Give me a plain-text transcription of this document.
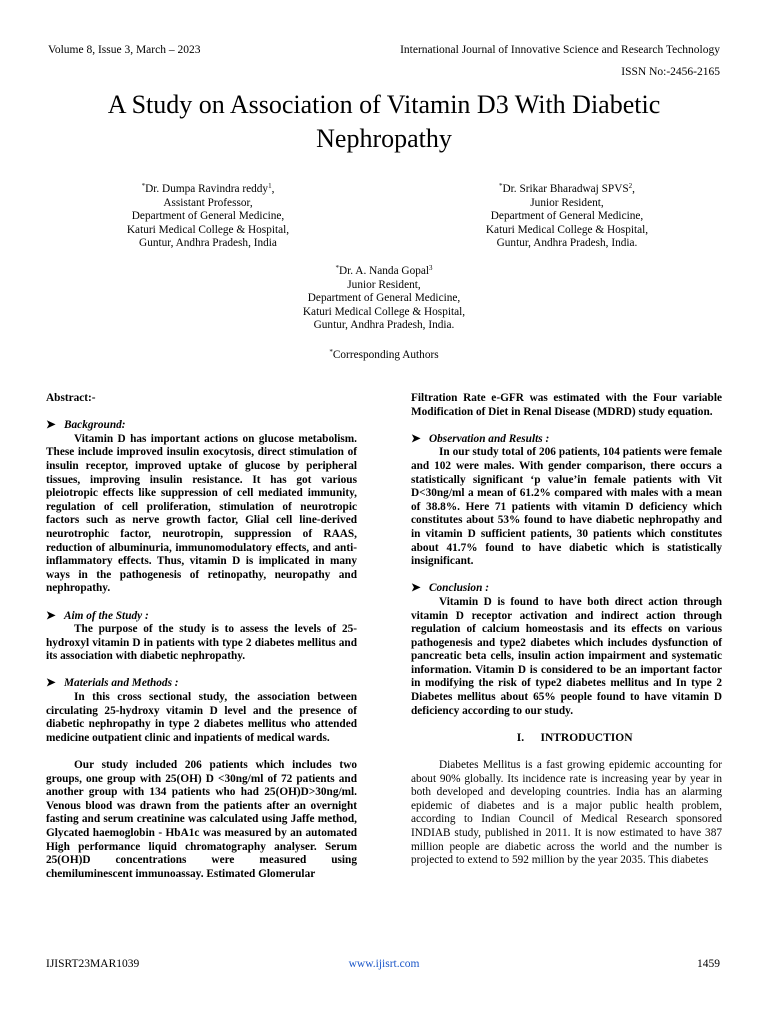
Volume 8, Issue 3, March – 2023	International Journal of Innovative Science and Research Technology
ISSN No:-2456-2165
A Study on Association of Vitamin D3 With Diabetic
Nephropathy
*Dr. Dumpa Ravindra reddy$^1$,
Assistant Professor,
Department of General Medicine,
Katuri Medical College & Hospital,
Guntur, Andhra Pradesh, India
*Dr. Srikar Bharadwaj SPVS$^2$,
Junior Resident,
Department of General Medicine,
Katuri Medical College & Hospital,
Guntur, Andhra Pradesh, India.
*Dr. A. Nanda Gopal$^3$
Junior Resident,
Department of General Medicine,
Katuri Medical College & Hospital,
Guntur, Andhra Pradesh, India.
*Corresponding Authors

Abstract:-

➤ Background:

Vitamin D has important actions on glucose metabolism. These include improved insulin exocytosis, direct stimulation of insulin receptor, improved uptake of glucose by peripheral tissues, improving insulin resistance. It has got various pleiotropic effects like suppression of cell mediated immunity, regulation of cell proliferation, stimulation of neurotropic factors such as nerve growth factor, Glial cell line-derived neurotrophic factor, neurotropin, suppression of RAAS, reduction of albuminuria, immunomodulatory effects, and anti-inflammatory effects. Thus, vitamin D is implicated in many ways in the pathogenesis of retinopathy, neuropathy and nephropathy.

➤ Aim of the Study :

The purpose of the study is to assess the levels of 25- hydroxyl vitamin D in patients with type 2 diabetes mellitus and its association with diabetic nephropathy.

➤ Materials and Methods :

In this cross sectional study, the association between circulating 25-hydroxy vitamin D level and the presence of diabetic nephropathy in type 2 diabetes mellitus who attended medicine outpatient clinic and inpatients of medical wards.

Our study included 206 patients which includes two groups, one group with 25(OH) D <30ng/ml of 72 patients and another group with 134 patients who had 25(OH)D>30ng/ml. Venous blood was drawn from the patients after an overnight fasting and serum creatinine was calculated using Jaffe method, Glycated haemoglobin - HbA1c was measured by an automated High performance liquid chromatography analyser. Serum 25(OH)D concentrations were measured using chemiluminescent immunoassay. Estimated Glomerular

Filtration Rate e-GFR was estimated with the Four variable Modification of Diet in Renal Disease (MDRD) study equation.

➤ Observation and Results :

In our study total of 206 patients, 104 patients were female and 102 were males. With gender comparison, there occurs a statistically significant ‘p value’in female patients with Vit D<30ng/ml a mean of 61.2% compared with males with a mean of 38.8%. Here 71 patients with vitamin D deficiency which constitutes about 53% found to have diabetic nephropathy and in vitamin D sufficient patients, 30 patients which constitutes about 41.7% found to have diabetic which is statistically insignificant.

➤ Conclusion :

Vitamin D is found to have both direct action through vitamin D receptor activation and indirect action through regulation of calcium homeostasis and its effects on various pathogenesis and type2 diabetes which includes dysfunction of pancreatic beta cells, insulin action impairment and systematic information. Vitamin D is considered to be an important factor in modifying the risk of type2 diabetes mellitus and In type 2 Diabetes mellitus about 65% people found to have vitamin D deficiency according to our study.

I. INTRODUCTION

Diabetes Mellitus is a fast growing epidemic accounting for about 90% globally. Its incidence rate is increasing year by year in both developed and developing countries. India has an alarming epidemic of diabetes and is a major public health problem, according to Indian Council of Medical Research sponsored INDIAB study, published in 2011. It is now estimated to have 387 million people are diabetic across the world and the number is projected to extend to 592 million by the year 2035. This diabetes

IJISRT23MAR1039	www.ijisrt.com	1459
